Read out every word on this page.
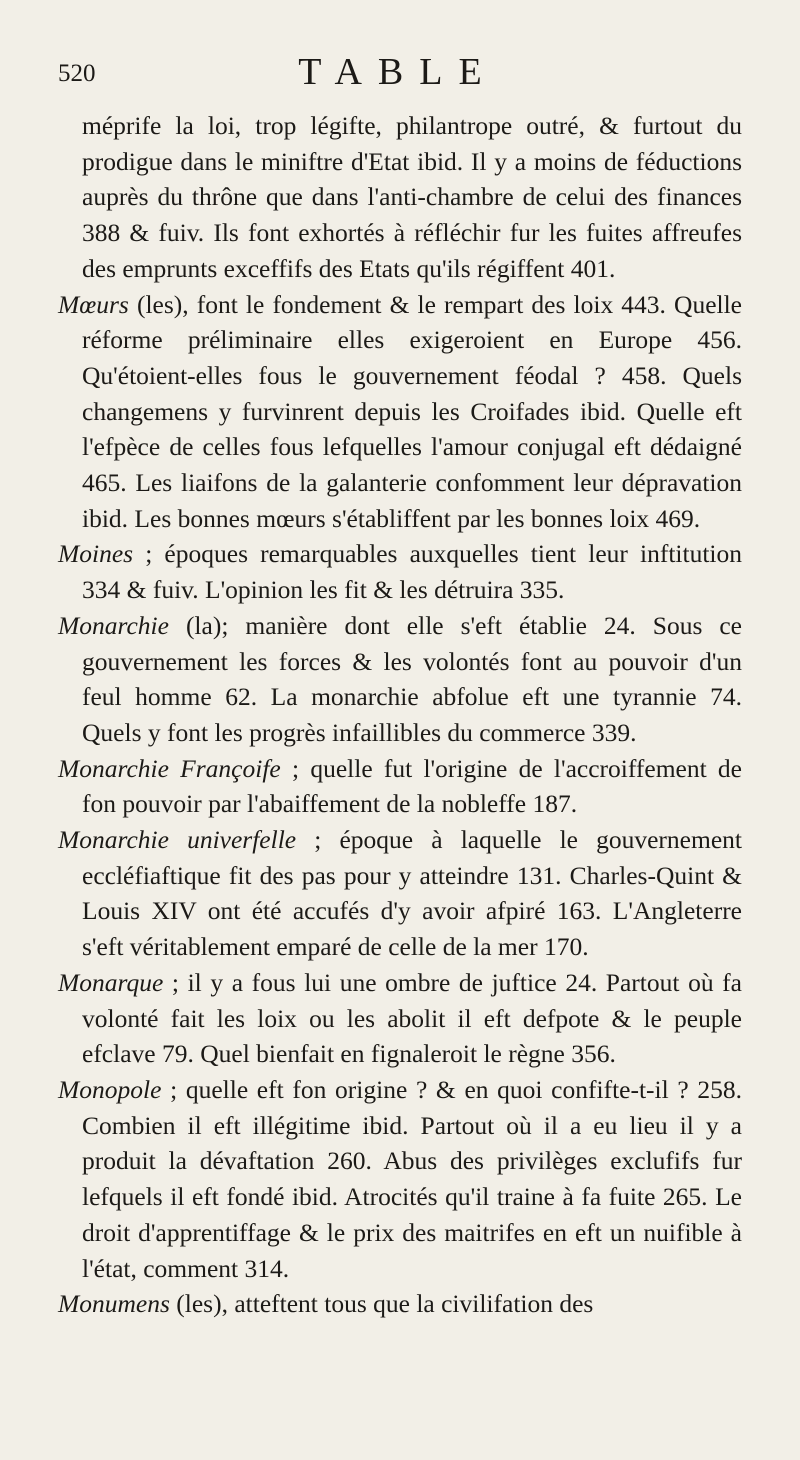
520	TABLE

méprife la loi, trop légifte, philantrope outré, & furtout du prodigue dans le miniftre d'Etat ibid. Il y a moins de féductions auprès du thrône que dans l'anti-chambre de celui des finances 388 & fuiv. Ils font exhortés à réfléchir fur les fuites affreufes des emprunts exceffifs des Etats qu'ils régiffent 401.

Mœurs (les), font le fondement & le rempart des loix 443. Quelle réforme préliminaire elles exigeroient en Europe 456. Qu'étoient-elles fous le gouvernement féodal ? 458. Quels changemens y furvinrent depuis les Croifades ibid. Quelle eft l'efpèce de celles fous lefquelles l'amour conjugal eft dédaigné 465. Les liaifons de la galanterie confomment leur dépravation ibid. Les bonnes mœurs s'établiffent par les bonnes loix 469.

Moines ; époques remarquables auxquelles tient leur inftitution 334 & fuiv. L'opinion les fit & les détruira 335.

Monarchie (la); manière dont elle s'eft établie 24. Sous ce gouvernement les forces & les volontés font au pouvoir d'un feul homme 62. La monarchie abfolue eft une tyrannie 74. Quels y font les progrès infaillibles du commerce 339.

Monarchie Françoife ; quelle fut l'origine de l'accroiffement de fon pouvoir par l'abaiffement de la nobleffe 187.

Monarchie univerfelle ; époque à laquelle le gouvernement eccléfiaftique fit des pas pour y atteindre 131. Charles-Quint & Louis XIV ont été accufés d'y avoir afpiré 163. L'Angleterre s'eft véritablement emparé de celle de la mer 170.

Monarque ; il y a fous lui une ombre de juftice 24. Partout où fa volonté fait les loix ou les abolit il eft defpote & le peuple efclave 79. Quel bienfait en fignaleroit le règne 356.

Monopole ; quelle eft fon origine ? & en quoi confifte-t-il ? 258. Combien il eft illégitime ibid. Partout où il a eu lieu il y a produit la dévaftation 260. Abus des privilèges exclufifs fur lefquels il eft fondé ibid. Atrocités qu'il traine à fa fuite 265. Le droit d'apprentiffage & le prix des maitrifes en eft un nuifible à l'état, comment 314.

Monumens (les), atteftent tous que la civilifation des
